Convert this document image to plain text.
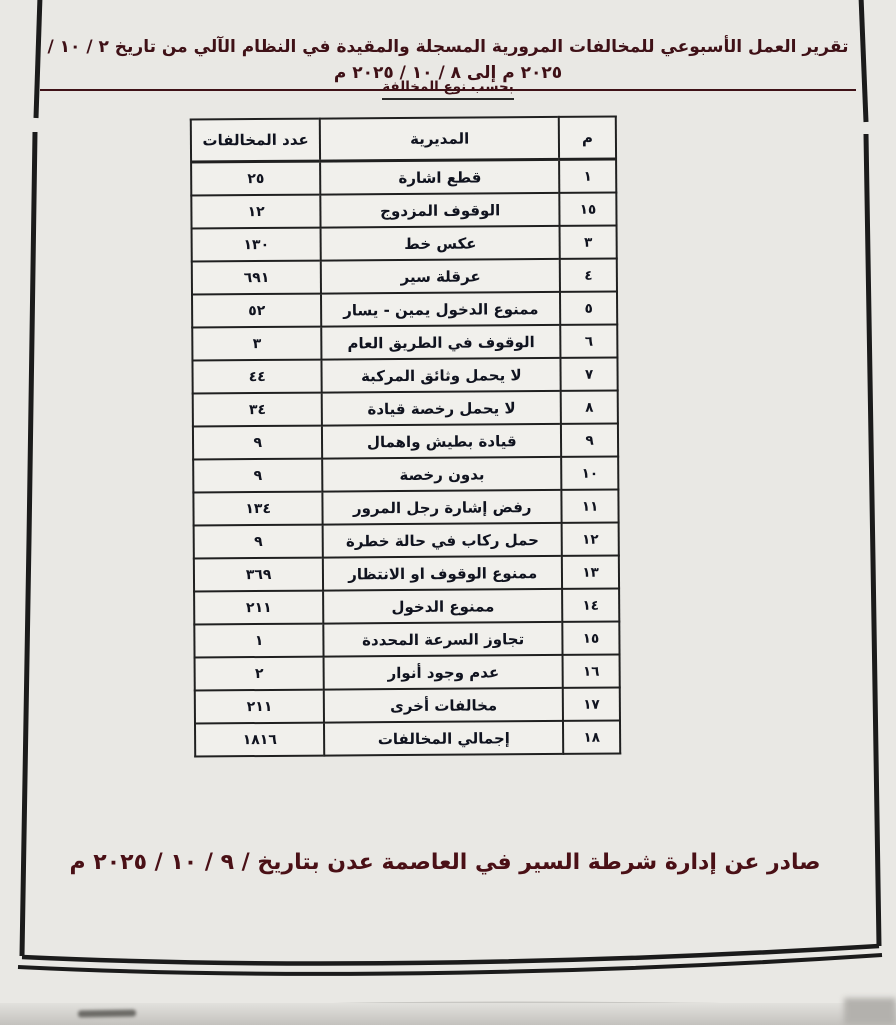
تقرير العمل الأسبوعي للمخالفات المرورية المسجلة والمقيدة في النظام الآلي من تاريخ ٢ / ١٠ / ٢٠٢٥ م إلى ٨ / ١٠ / ٢٠٢٥ م
بحسب نوع المخالفة
م	المديرية	عدد المخالفات
١	قطع اشارة	٢٥
١٥	الوقوف المزدوج	١٢
٣	عكس خط	١٣٠
٤	عرقلة سير	٦٩١
٥	ممنوع الدخول يمين - يسار	٥٢
٦	الوقوف في الطريق العام	٣
٧	لا يحمل وثائق المركبة	٤٤
٨	لا يحمل رخصة قيادة	٣٤
٩	قيادة بطيش واهمال	٩
١٠	بدون رخصة	٩
١١	رفض إشارة رجل المرور	١٣٤
١٢	حمل ركاب في حالة خطرة	٩
١٣	ممنوع الوقوف او الانتظار	٣٦٩
١٤	ممنوع الدخول	٢١١
١٥	تجاوز السرعة المحددة	١
١٦	عدم وجود أنوار	٢
١٧	مخالفات أخرى	٢١١
١٨	إجمالي المخالفات	١٨١٦
صادر عن إدارة شرطة السير في العاصمة عدن بتاريخ / ٩ / ١٠ / ٢٠٢٥ م
